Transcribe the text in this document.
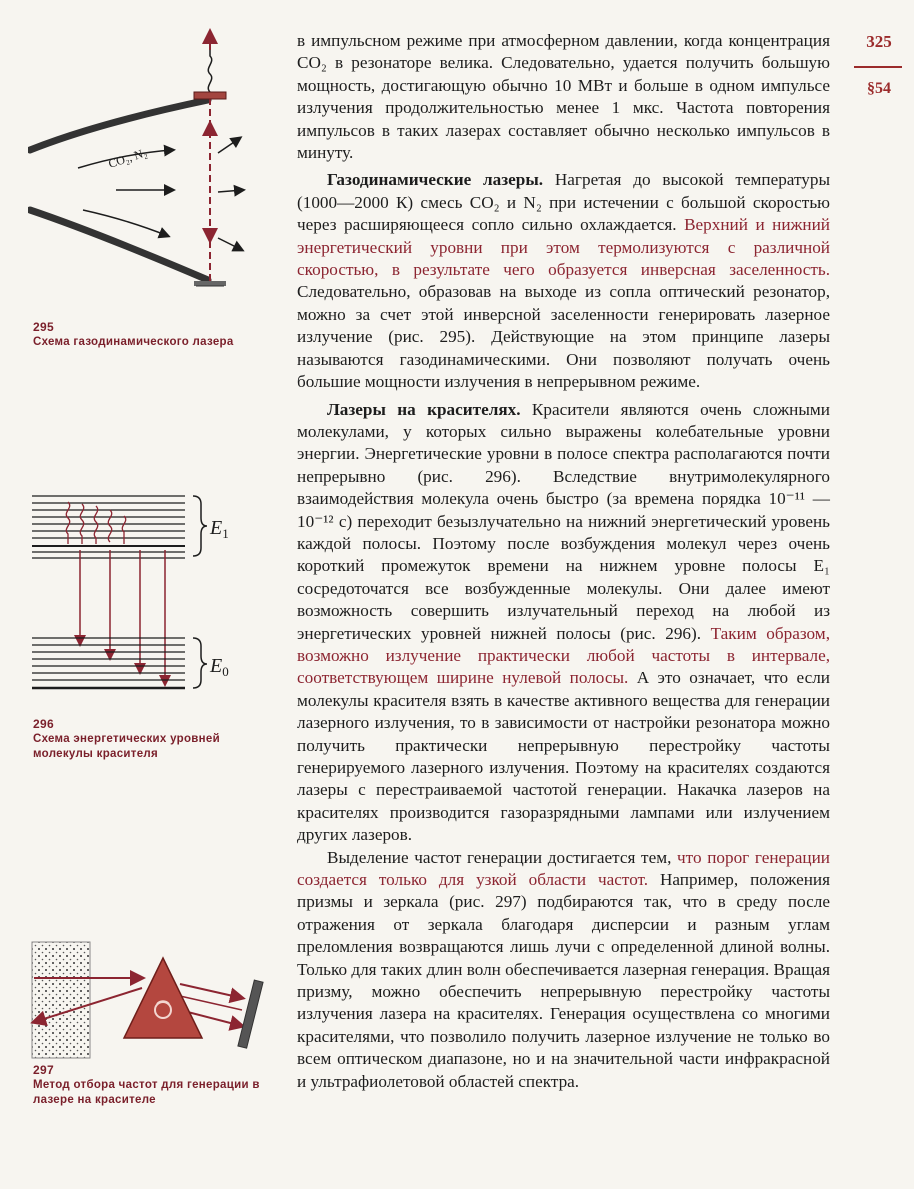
325
§54
CO₂, N₂
295
Схема газодинамического лазера
$E_1$
$E_0$
296
Схема энергетических уровней молекулы красителя
297
Метод отбора частот для генерации в лазере на красителе

в импульсном режиме при атмосферном давлении, когда концентрация CO₂ в резонаторе велика. Следовательно, удается получить большую мощность, достигающую обычно 10 МВт и больше в одном импульсе излучения продолжительностью менее 1 мкс. Частота повторения импульсов в таких лазерах составляет обычно несколько импульсов в минуту.

Газодинамические лазеры. Нагретая до высокой температуры (1000—2000 К) смесь CO₂ и N₂ при истечении с большой скоростью через расширяющееся сопло сильно охлаждается. Верхний и нижний энергетический уровни при этом термолизуются с различной скоростью, в результате чего образуется инверсная заселенность. Следовательно, образовав на выходе из сопла оптический резонатор, можно за счет этой инверсной заселенности генерировать лазерное излучение (рис. 295). Действующие на этом принципе лазеры называются газодинамическими. Они позволяют получать очень большие мощности излучения в непрерывном режиме.

Лазеры на красителях. Красители являются очень сложными молекулами, у которых сильно выражены колебательные уровни энергии. Энергетические уровни в полосе спектра располагаются почти непрерывно (рис. 296). Вследствие внутримолекулярного взаимодействия молекула очень быстро (за времена порядка 10⁻¹¹ — 10⁻¹² с) переходит безызлучательно на нижний энергетический уровень каждой полосы. Поэтому после возбуждения молекул через очень короткий промежуток времени на нижнем уровне полосы E₁ сосредоточатся все возбужденные молекулы. Они далее имеют возможность совершить излучательный переход на любой из энергетических уровней нижней полосы (рис. 296). Таким образом, возможно излучение практически любой частоты в интервале, соответствующем ширине нулевой полосы. А это означает, что если молекулы красителя взять в качестве активного вещества для генерации лазерного излучения, то в зависимости от настройки резонатора можно получить практически непрерывную перестройку частоты генерируемого лазерного излучения. Поэтому на красителях создаются лазеры с перестраиваемой частотой генерации. Накачка лазеров на красителях производится газоразрядными лампами или излучением других лазеров.

Выделение частот генерации достигается тем, что порог генерации создается только для узкой области частот. Например, положения призмы и зеркала (рис. 297) подбираются так, что в среду после отражения от зеркала благодаря дисперсии и разным углам преломления возвращаются лишь лучи с определенной длиной волны. Только для таких длин волн обеспечивается лазерная генерация. Вращая призму, можно обеспечить непрерывную перестройку частоты излучения лазера на красителях. Генерация осуществлена со многими красителями, что позволило получить лазерное излучение не только во всем оптическом диапазоне, но и на значительной части инфракрасной и ультрафиолетовой областей спектра.
